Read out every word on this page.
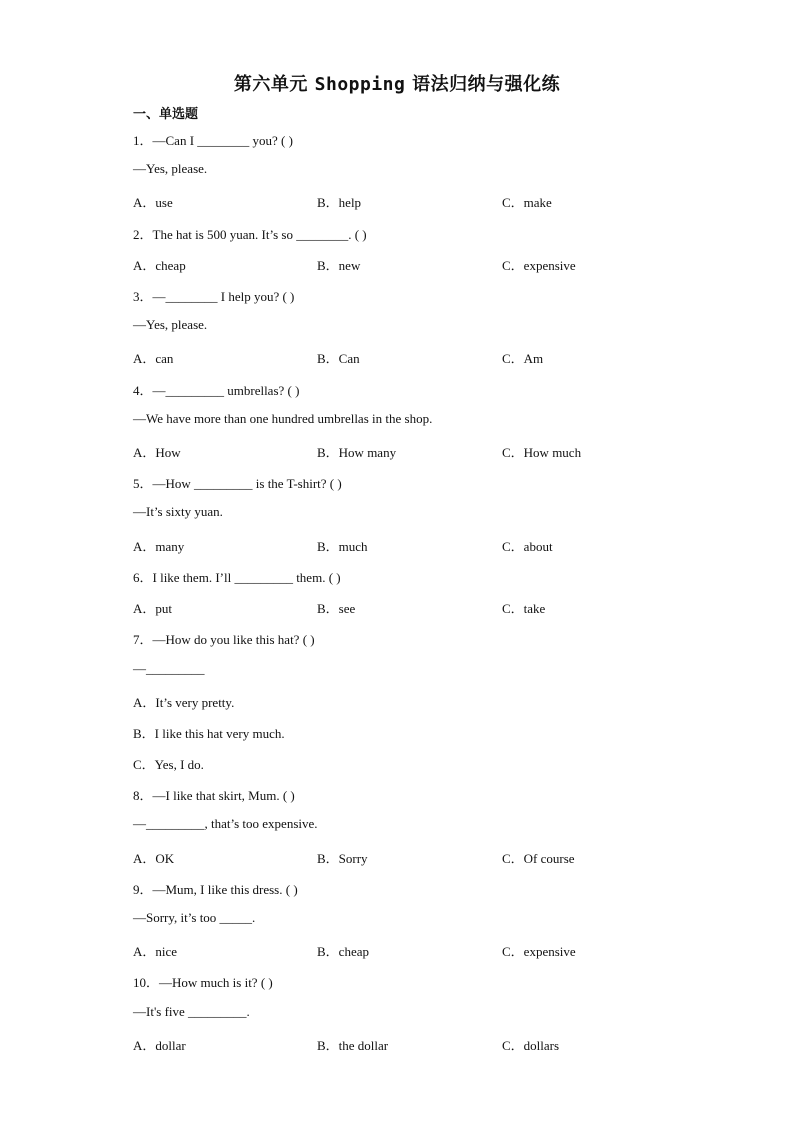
第六单元 Shopping 语法归纳与强化练
一、单选题
1．—Can I ________ you? ( )
—Yes, please.
A．use	B．help	C．make
2．The hat is 500 yuan. It’s so ________. ( )
A．cheap	B．new	C．expensive
3．—________ I help you? ( )
—Yes, please.
A．can	B．Can	C．Am
4．—_________ umbrellas? ( )
—We have more than one hundred umbrellas in the shop.
A．How	B．How many	C．How much
5．—How _________ is the T-shirt? ( )
—It’s sixty yuan.
A．many	B．much	C．about
6．I like them. I’ll _________ them. ( )
A．put	B．see	C．take
7．—How do you like this hat? ( )
—_________
A．It’s very pretty.
B．I like this hat very much.
C．Yes, I do.
8．—I like that skirt, Mum. ( )
—_________, that’s too expensive.
A．OK	B．Sorry	C．Of course
9．—Mum, I like this dress. ( )
—Sorry, it’s too _____.
A．nice	B．cheap	C．expensive
10．—How much is it? ( )
—It's five _________.
A．dollar	B．the dollar	C．dollars
